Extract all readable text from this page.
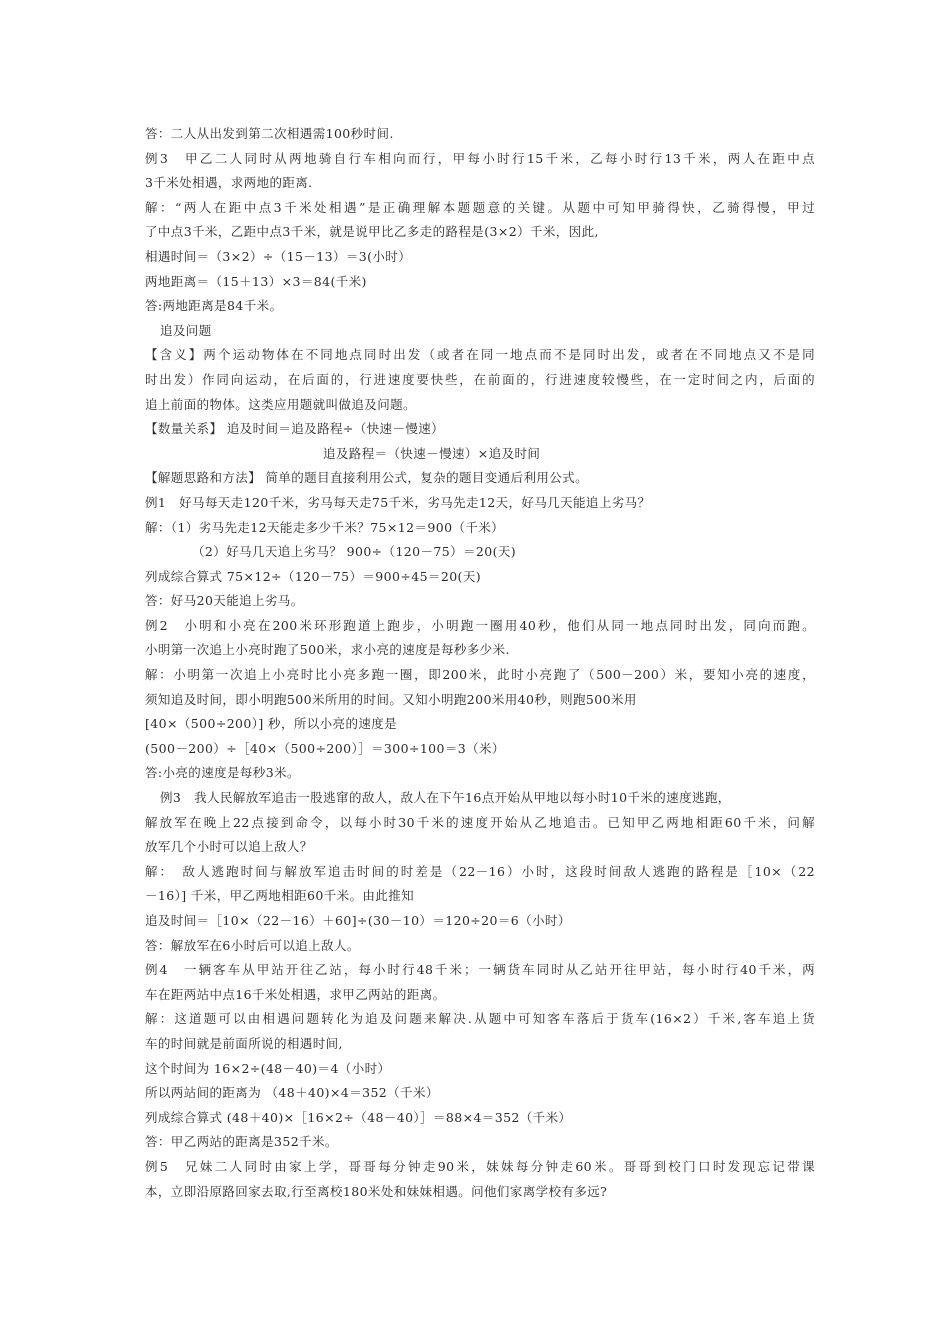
答：二人从出发到第二次相遇需100秒时间.
例3　甲乙二人同时从两地骑自行车相向而行，甲每小时行15千米，乙每小时行13千米，两人在距中点
3千米处相遇，求两地的距离.
解：“两人在距中点3千米处相遇”是正确理解本题题意的关键。从题中可知甲骑得快，乙骑得慢，甲过
了中点3千米，乙距中点3千米，就是说甲比乙多走的路程是(3×2）千米，因此,
相遇时间＝（3×2）÷（15－13）＝3(小时）
两地距离＝（15＋13）×3＝84(千米)
答:两地距离是84千米。
追及问题
【含义】两个运动物体在不同地点同时出发（或者在同一地点而不是同时出发，或者在不同地点又不是同
时出发）作同向运动，在后面的，行进速度要快些，在前面的，行进速度较慢些，在一定时间之内，后面的
追上前面的物体。这类应用题就叫做追及问题。
【数量关系】 追及时间＝追及路程÷（快速－慢速）
追及路程＝（快速－慢速）×追及时间
【解题思路和方法】 简单的题目直接利用公式，复杂的题目变通后利用公式。
例1　好马每天走120千米，劣马每天走75千米，劣马先走12天，好马几天能追上劣马？
解：（1）劣马先走12天能走多少千米？75×12＝900（千米）
（2）好马几天追上劣马？ 900÷（120－75）＝20(天)
列成综合算式 75×12÷（120－75）＝900÷45＝20(天)
答：好马20天能追上劣马。
例2　小明和小亮在200米环形跑道上跑步，小明跑一圈用40秒，他们从同一地点同时出发，同向而跑。
小明第一次追上小亮时跑了500米，求小亮的速度是每秒多少米.
解：小明第一次追上小亮时比小亮多跑一圈，即200米，此时小亮跑了（500－200）米，要知小亮的速度，
须知追及时间，即小明跑500米所用的时间。又知小明跑200米用40秒，则跑500米用
[40×（500÷200）] 秒，所以小亮的速度是
(500－200）÷［40×（500÷200）］＝300÷100＝3（米）
答:小亮的速度是每秒3米。
例3　我人民解放军追击一股逃窜的敌人，敌人在下午16点开始从甲地以每小时10千米的速度逃跑，
解放军在晚上22点接到命令，以每小时30千米的速度开始从乙地追击。已知甲乙两地相距60千米，问解
放军几个小时可以追上敌人？
解：　敌人逃跑时间与解放军追击时间的时差是（22－16）小时，这段时间敌人逃跑的路程是［10×（22
－16）] 千米，甲乙两地相距60千米。由此推知
追及时间＝［10×（22－16）＋60]÷(30－10）＝120÷20＝6（小时）
答：解放军在6小时后可以追上敌人。
例4　一辆客车从甲站开往乙站，每小时行48千米；一辆货车同时从乙站开往甲站，每小时行40千米，两
车在距两站中点16千米处相遇，求甲乙两站的距离。
解：这道题可以由相遇问题转化为追及问题来解决.从题中可知客车落后于货车(16×2）千米,客车追上货
车的时间就是前面所说的相遇时间,
这个时间为 16×2÷(48－40)＝4（小时）
所以两站间的距离为 （48＋40)×4＝352（千米）
列成综合算式 (48＋40)×［16×2÷（48－40）］＝88×4＝352（千米）
答：甲乙两站的距离是352千米。
例5　兄妹二人同时由家上学，哥哥每分钟走90米，妹妹每分钟走60米。哥哥到校门口时发现忘记带课
本，立即沿原路回家去取,行至离校180米处和妹妹相遇。问他们家离学校有多远?
